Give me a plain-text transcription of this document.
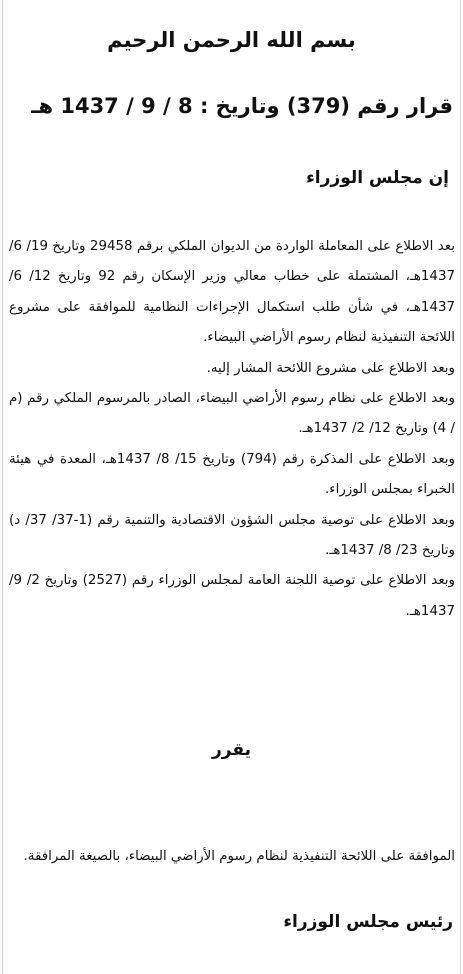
بسم الله الرحمن الرحيم
قرار رقم (379) وتاريخ : 8 / 9 / 1437 هـ
إن مجلس الوزراء

بعد الاطلاع على المعاملة الواردة من الديوان الملكي برقم 29458 وتاريخ 19/ 6/ 1437هـ، المشتملة على خطاب معالي وزير الإسكان رقم 92 وتاريخ 12/ 6/ 1437هـ، في شأن طلب استكمال الإجراءات النظامية للموافقة على مشروع اللائحة التنفيذية لنظام رسوم الأراضي البيضاء.

وبعد الاطلاع على مشروع اللائحة المشار إليه.

وبعد الاطلاع على نظام رسوم الأراضي البيضاء، الصادر بالمرسوم الملكي رقم (م / 4) وتاريخ 12/ 2/ 1437هـ.

وبعد الاطلاع على المذكرة رقم (794) وتاريخ 15/ 8/ 1437هـ، المعدة في هيئة الخبراء بمجلس الوزراء.

وبعد الاطلاع على توصية مجلس الشؤون الاقتصادية والتنمية رقم (1-37/ 37/ د) وتاريخ 23/ 8/ 1437هـ.

وبعد الاطلاع على توصية اللجنة العامة لمجلس الوزراء رقم (2527) وتاريخ 2/ 9/ 1437هـ.

يقرر

الموافقة على اللائحة التنفيذية لنظام رسوم الأراضي البيضاء، بالصيغة المرافقة.

رئيس مجلس الوزراء
